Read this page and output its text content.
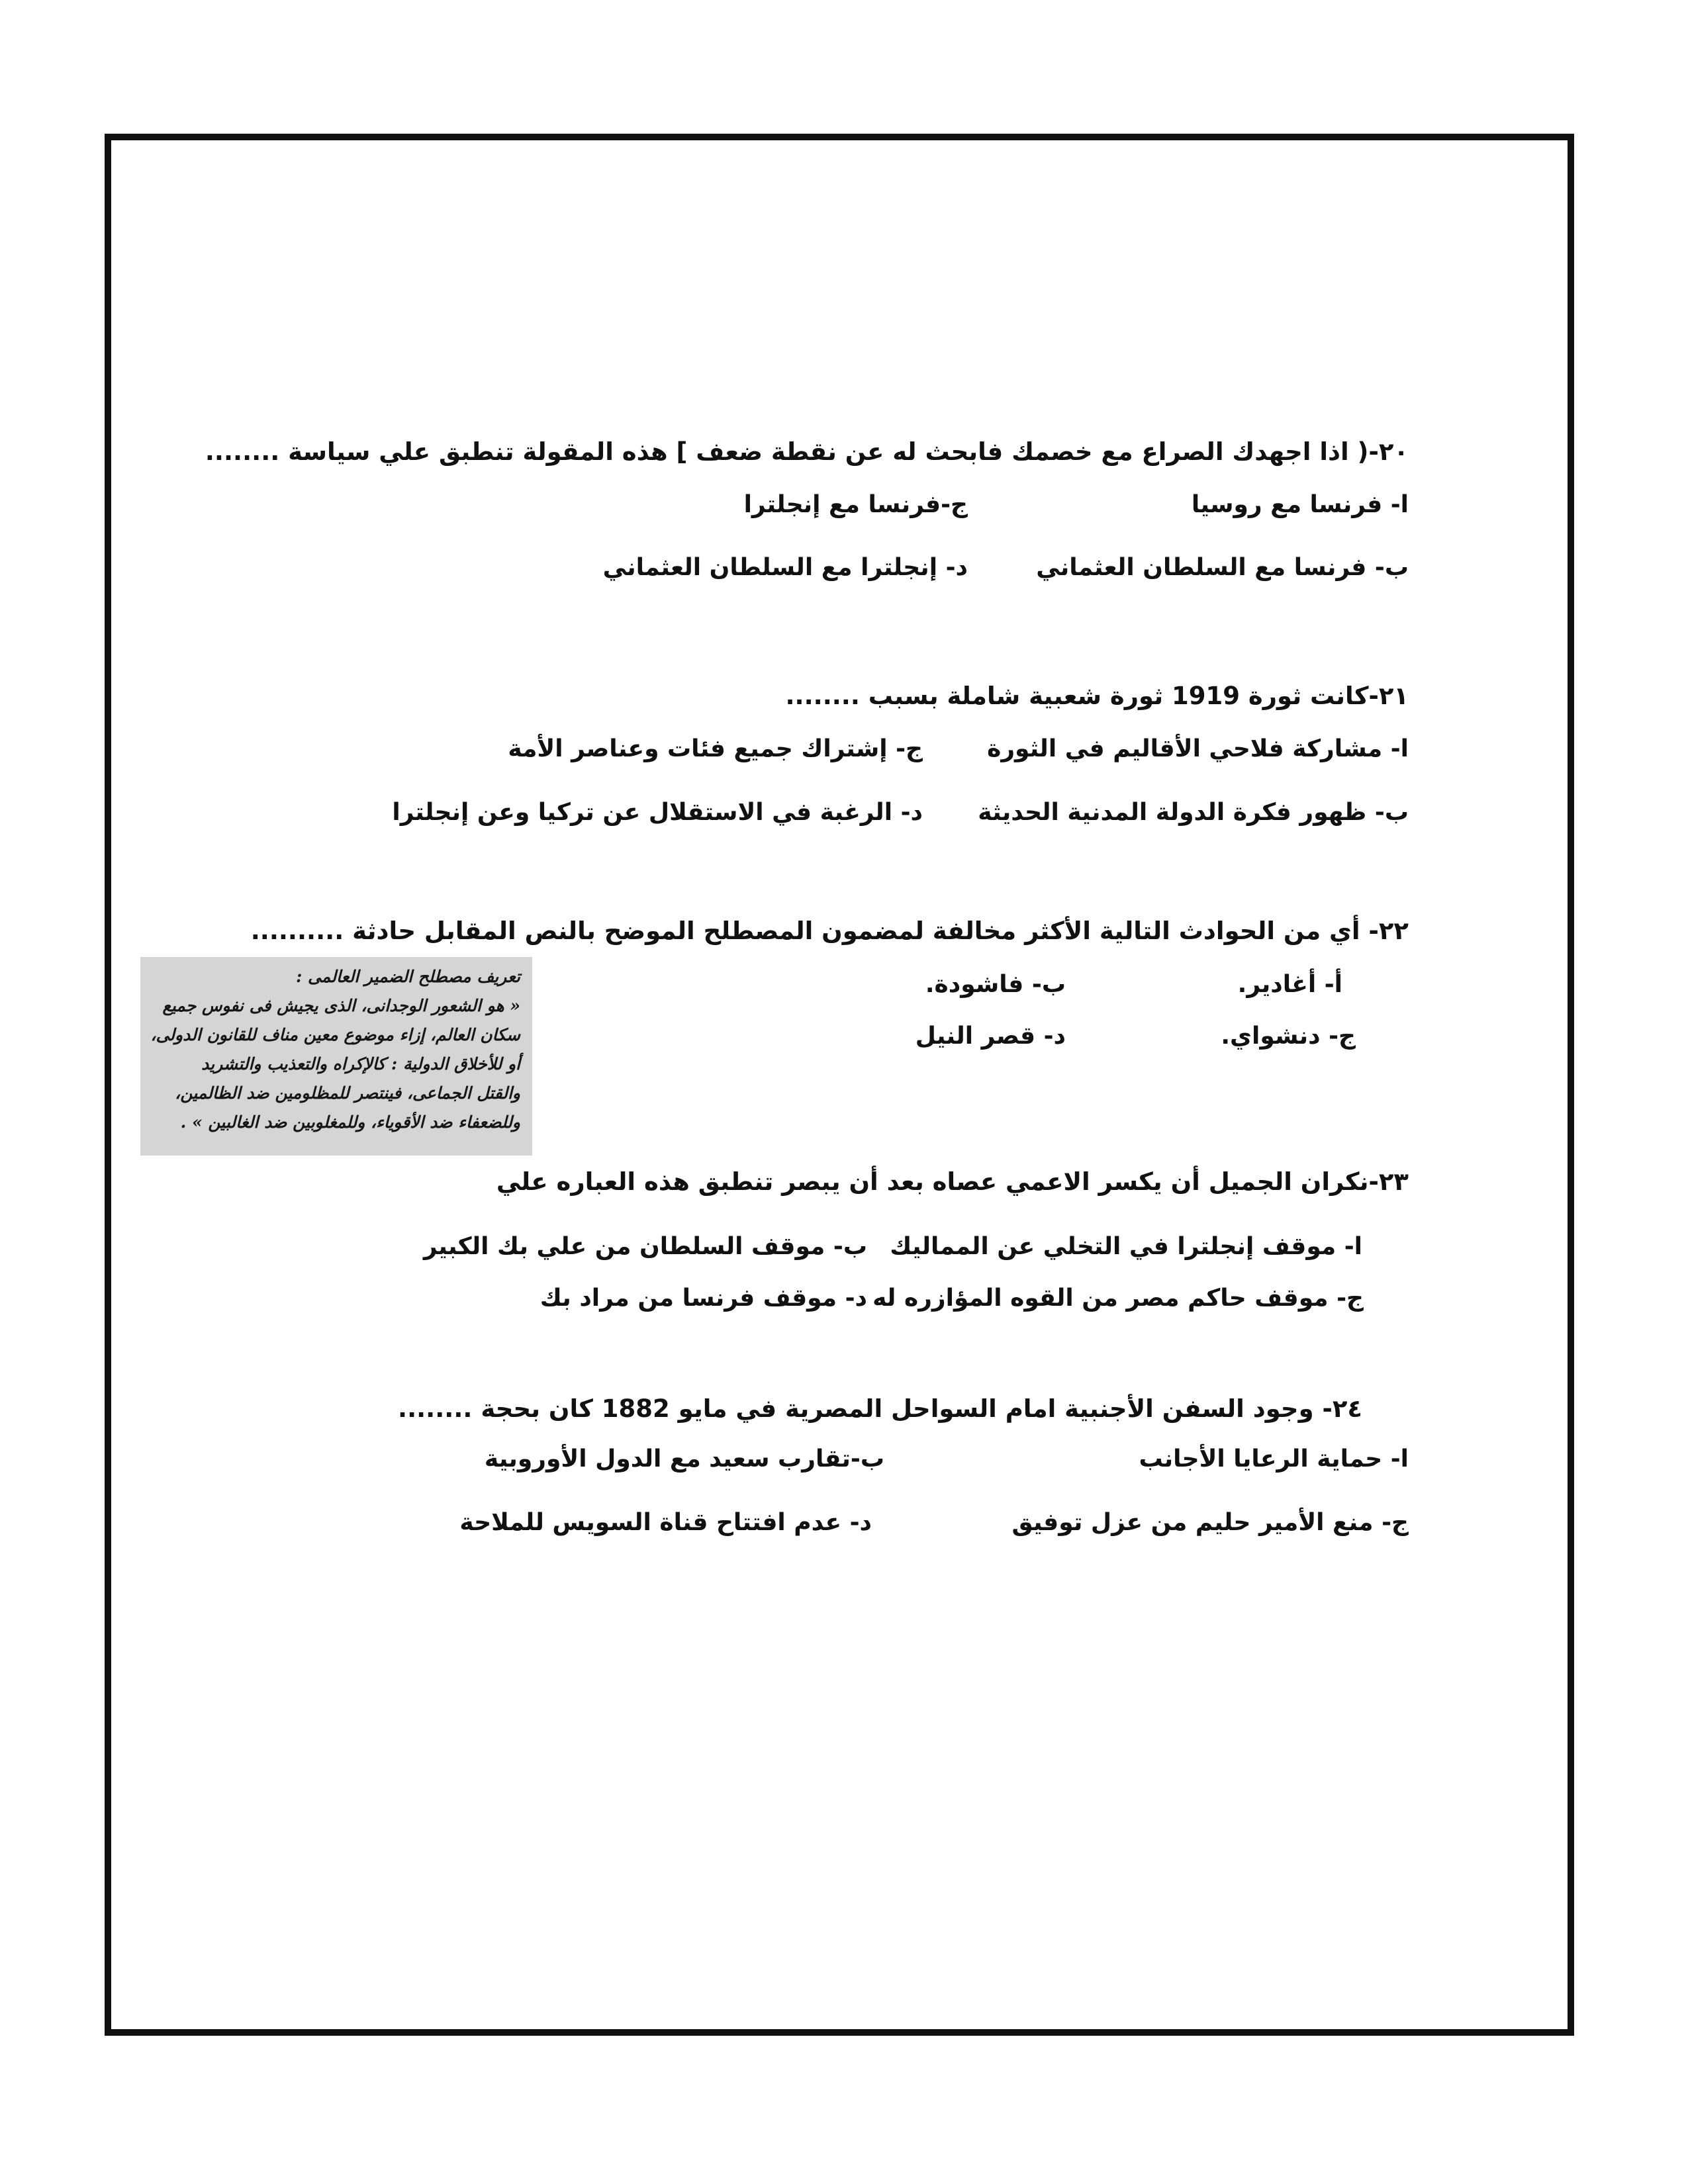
٢٠-( اذا اجهدك الصراع مع خصمك فابحث له عن نقطة ضعف ] هذه المقولة تنطبق علي سياسة ........
ا- فرنسا مع روسيا
ج-فرنسا مع إنجلترا
ب- فرنسا مع السلطان العثماني
د- إنجلترا مع السلطان العثماني
٢١-كانت ثورة 1919 ثورة شعبية شاملة بسبب ........
ا- مشاركة فلاحي الأقاليم في الثورة
ج- إشتراك جميع فئات وعناصر الأمة
ب- ظهور فكرة الدولة المدنية الحديثة
د- الرغبة في الاستقلال عن تركيا وعن إنجلترا
٢٢- أي من الحوادث التالية الأكثر مخالفة لمضمون المصطلح الموضح بالنص المقابل حادثة ..........
أ- أغادير.
ب- فاشودة.
ج- دنشواي.
د- قصر النيل
تعريف مصطلح الضمير العالمى :
« هو الشعور الوجدانى، الذى يجيش فى نفوس جميع
سكان العالم، إزاء موضوع معين مناف للقانون الدولى،
أو للأخلاق الدولية : كالإكراه والتعذيب والتشريد
والقتل الجماعى، فينتصر للمظلومين ضد الظالمين،
وللضعفاء ضد الأقوياء، وللمغلوبين ضد الغالبين » .
٢٣-نكران الجميل أن يكسر الاعمي عصاه بعد أن يبصر تنطبق هذه العباره علي
ا- موقف إنجلترا في التخلي عن المماليك
ب- موقف السلطان من علي بك الكبير
ج- موقف حاكم مصر من القوه المؤازره له
د- موقف فرنسا من مراد بك
٢٤- وجود السفن الأجنبية امام السواحل المصرية في مايو 1882 كان بحجة ........
ا- حماية الرعايا الأجانب
ب-تقارب سعيد مع الدول الأوروبية
ج- منع الأمير حليم من عزل توفيق
د- عدم افتتاح قناة السويس للملاحة
